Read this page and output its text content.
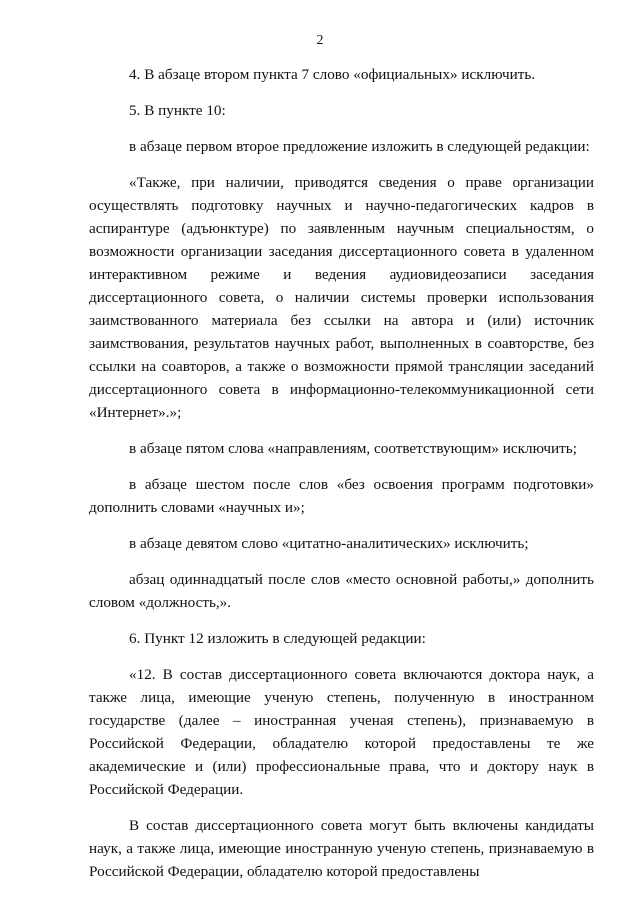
2

4. В абзаце втором пункта 7 слово «официальных» исключить.

5. В пункте 10:

в абзаце первом второе предложение изложить в следующей редакции:

«Также, при наличии, приводятся сведения о праве организации осуществлять подготовку научных и научно-педагогических кадров в аспирантуре (адъюнктуре) по заявленным научным специальностям, о возможности организации заседания диссертационного совета в удаленном интерактивном режиме и ведения аудиовидеозаписи заседания диссертационного совета, о наличии системы проверки использования заимствованного материала без ссылки на автора и (или) источник заимствования, результатов научных работ, выполненных в соавторстве, без ссылки на соавторов, а также о возможности прямой трансляции заседаний диссертационного совета в информационно-телекоммуникационной сети «Интернет».»;

в абзаце пятом слова «направлениям, соответствующим» исключить;

в абзаце шестом после слов «без освоения программ подготовки» дополнить словами «научных и»;

в абзаце девятом слово «цитатно-аналитических» исключить;

абзац одиннадцатый после слов «место основной работы,» дополнить словом «должность,».

6. Пункт 12 изложить в следующей редакции:

«12. В состав диссертационного совета включаются доктора наук, а также лица, имеющие ученую степень, полученную в иностранном государстве (далее – иностранная ученая степень), признаваемую в Российской Федерации, обладателю которой предоставлены те же академические и (или) профессиональные права, что и доктору наук в Российской Федерации.

В состав диссертационного совета могут быть включены кандидаты наук, а также лица, имеющие иностранную ученую степень, признаваемую в Российской Федерации, обладателю которой предоставлены
